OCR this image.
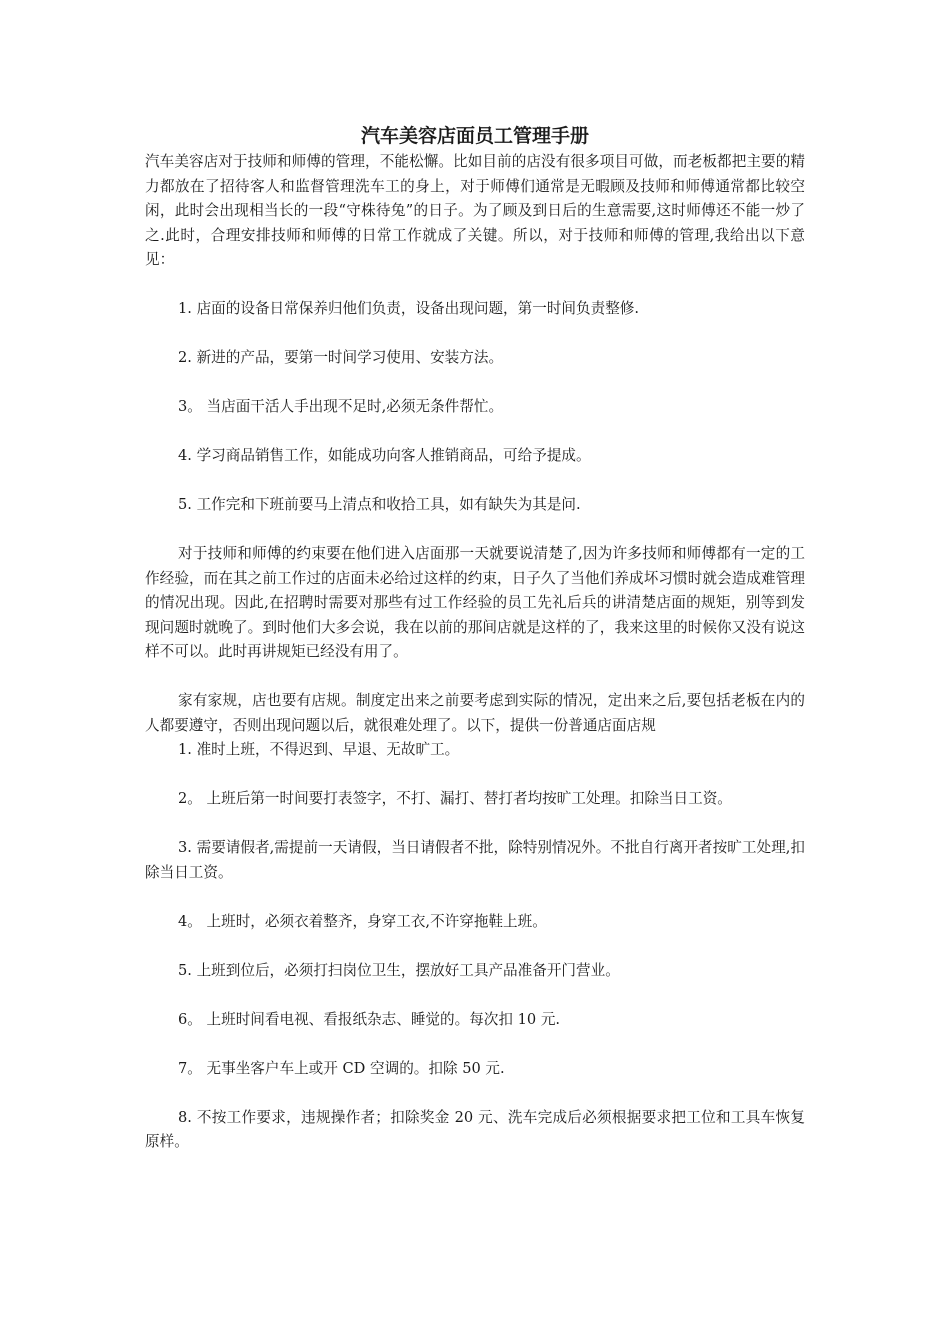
汽车美容店面员工管理手册

汽车美容店对于技师和师傅的管理，不能松懈。比如目前的店没有很多项目可做，而老板都把主要的精力都放在了招待客人和监督管理洗车工的身上，对于师傅们通常是无暇顾及技师和师傅通常都比较空闲，此时会出现相当长的一段“守株待兔”的日子。为了顾及到日后的生意需要,这时师傅还不能一炒了之.此时，合理安排技师和师傅的日常工作就成了关键。所以，对于技师和师傅的管理,我给出以下意见：

1. 店面的设备日常保养归他们负责，设备出现问题，第一时间负责整修.

2. 新进的产品，要第一时间学习使用、安装方法。

3。 当店面干活人手出现不足时,必须无条件帮忙。

4. 学习商品销售工作，如能成功向客人推销商品，可给予提成。

5. 工作完和下班前要马上清点和收拾工具，如有缺失为其是问.

对于技师和师傅的约束要在他们进入店面那一天就要说清楚了,因为许多技师和师傅都有一定的工作经验，而在其之前工作过的店面未必给过这样的约束，日子久了当他们养成坏习惯时就会造成难管理的情况出现。因此,在招聘时需要对那些有过工作经验的员工先礼后兵的讲清楚店面的规矩，别等到发现问题时就晚了。到时他们大多会说，我在以前的那间店就是这样的了，我来这里的时候你又没有说这样不可以。此时再讲规矩已经没有用了。

家有家规，店也要有店规。制度定出来之前要考虑到实际的情况，定出来之后,要包括老板在内的人都要遵守，否则出现问题以后，就很难处理了。以下，提供一份普通店面店规

1. 准时上班，不得迟到、早退、无故旷工。

2。 上班后第一时间要打表签字，不打、漏打、替打者均按旷工处理。扣除当日工资。

3. 需要请假者,需提前一天请假，当日请假者不批，除特别情况外。不批自行离开者按旷工处理,扣除当日工资。

4。 上班时，必须衣着整齐，身穿工衣,不许穿拖鞋上班。

5. 上班到位后，必须打扫岗位卫生，摆放好工具产品准备开门营业。

6。 上班时间看电视、看报纸杂志、睡觉的。每次扣 10 元.

7。 无事坐客户车上或开 CD 空调的。扣除 50 元.

8. 不按工作要求，违规操作者；扣除奖金 20 元、洗车完成后必须根据要求把工位和工具车恢复原样。
